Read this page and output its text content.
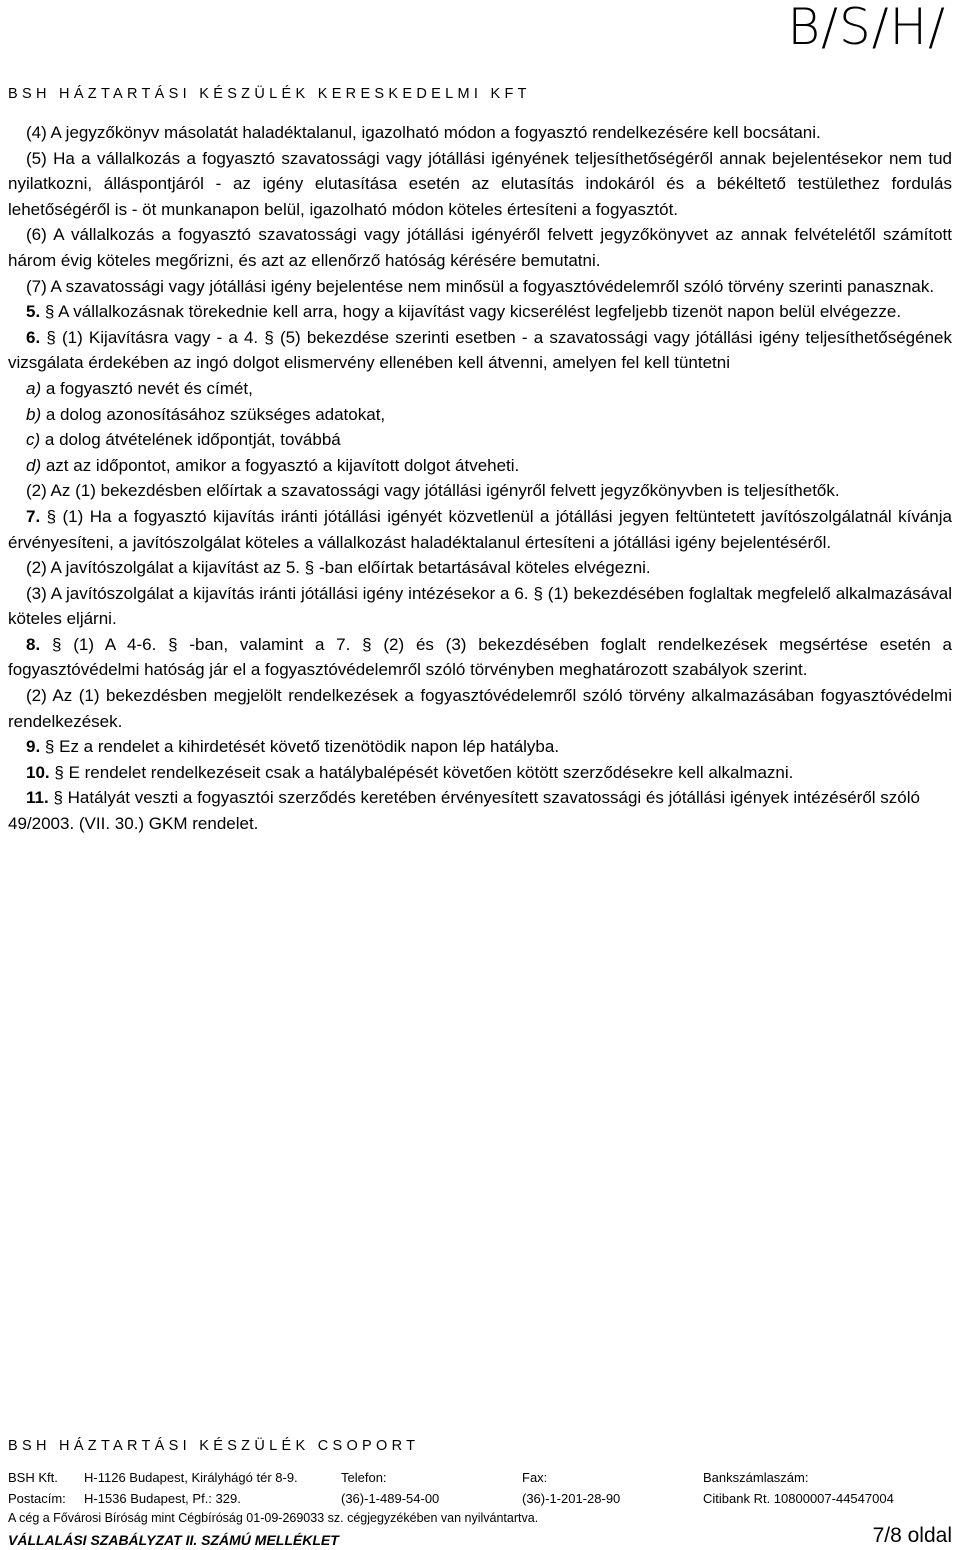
B/S/H/
BSH HÁZTARTÁSI KÉSZÜLÉK KERESKEDELMI KFT

(4) A jegyzőkönyv másolatát haladéktalanul, igazolható módon a fogyasztó rendelkezésére kell bocsátani.

(5) Ha a vállalkozás a fogyasztó szavatossági vagy jótállási igényének teljesíthetőségéről annak bejelentésekor nem tud nyilatkozni, álláspontjáról - az igény elutasítása esetén az elutasítás indokáról és a békéltető testülethez fordulás lehetőségéről is - öt munkanapon belül, igazolható módon köteles értesíteni a fogyasztót.

(6) A vállalkozás a fogyasztó szavatossági vagy jótállási igényéről felvett jegyzőkönyvet az annak felvételétől számított három évig köteles megőrizni, és azt az ellenőrző hatóság kérésére bemutatni.

(7) A szavatossági vagy jótállási igény bejelentése nem minősül a fogyasztóvédelemről szóló törvény szerinti panasznak.

5. § A vállalkozásnak törekednie kell arra, hogy a kijavítást vagy kicserélést legfeljebb tizenöt napon belül elvégezze.

6. § (1) Kijavításra vagy - a 4. § (5) bekezdése szerinti esetben - a szavatossági vagy jótállási igény teljesíthetőségének vizsgálata érdekében az ingó dolgot elismervény ellenében kell átvenni, amelyen fel kell tüntetni

a) a fogyasztó nevét és címét,

b) a dolog azonosításához szükséges adatokat,

c) a dolog átvételének időpontját, továbbá

d) azt az időpontot, amikor a fogyasztó a kijavított dolgot átveheti.

(2) Az (1) bekezdésben előírtak a szavatossági vagy jótállási igényről felvett jegyzőkönyvben is teljesíthetők.

7. § (1) Ha a fogyasztó kijavítás iránti jótállási igényét közvetlenül a jótállási jegyen feltüntetett javítószolgálatnál kívánja érvényesíteni, a javítószolgálat köteles a vállalkozást haladéktalanul értesíteni a jótállási igény bejelentéséről.

(2) A javítószolgálat a kijavítást az 5. § -ban előírtak betartásával köteles elvégezni.

(3) A javítószolgálat a kijavítás iránti jótállási igény intézésekor a 6. § (1) bekezdésében foglaltak megfelelő alkalmazásával köteles eljárni.

8. § (1) A 4-6. § -ban, valamint a 7. § (2) és (3) bekezdésében foglalt rendelkezések megsértése esetén a fogyasztóvédelmi hatóság jár el a fogyasztóvédelemről szóló törvényben meghatározott szabályok szerint.

(2) Az (1) bekezdésben megjelölt rendelkezések a fogyasztóvédelemről szóló törvény alkalmazásában fogyasztóvédelmi rendelkezések.

9. § Ez a rendelet a kihirdetését követő tizenötödik napon lép hatályba.

10. § E rendelet rendelkezéseit csak a hatálybalépését követően kötött szerződésekre kell alkalmazni.

11. § Hatályát veszti a fogyasztói szerződés keretében érvényesített szavatossági és jótállási igények intézéséről szóló 49/2003. (VII. 30.) GKM rendelet.

BSH HÁZTARTÁSI KÉSZÜLÉK CSOPORT
BSH Kft. H-1126 Budapest, Királyhágó tér 8-9.	Telefon:	Fax:	Bankszámlaszám:
Postacím: H-1536 Budapest, Pf.: 329.	(36)-1-489-54-00	(36)-1-201-28-90	Citibank Rt. 10800007-44547004
A cég a Fővárosi Bíróság mint Cégbíróság 01-09-269033 sz. cégjegyzékében van nyilvántartva.
VÁLLALÁSI SZABÁLYZAT II. SZÁMÚ MELLÉKLET	7/8 oldal
